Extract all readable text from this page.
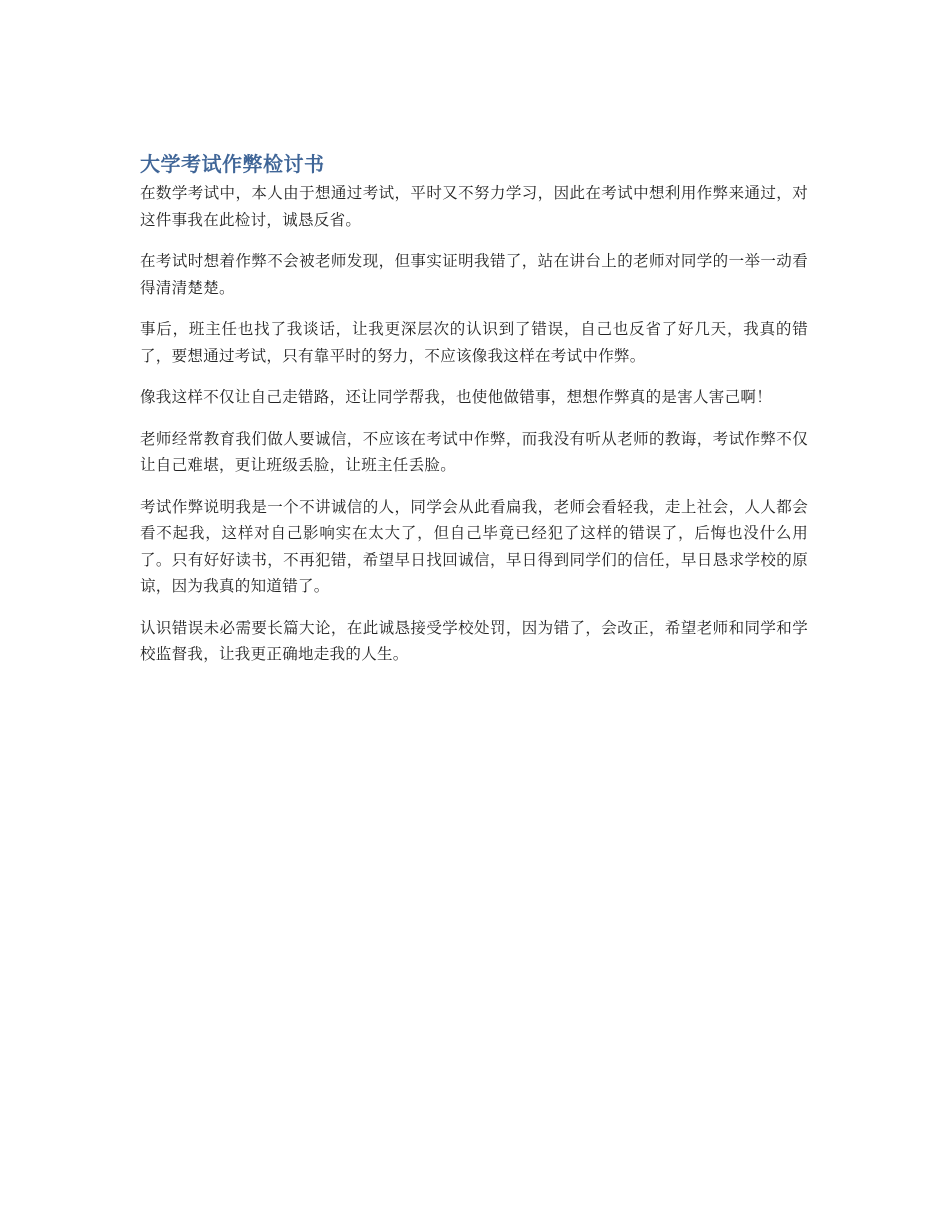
大学考试作弊检讨书

在数学考试中，本人由于想通过考试，平时又不努力学习，因此在考试中想利用作弊来通过，对这件事我在此检讨，诚恳反省。

在考试时想着作弊不会被老师发现，但事实证明我错了，站在讲台上的老师对同学的一举一动看得清清楚楚。

事后，班主任也找了我谈话，让我更深层次的认识到了错误，自己也反省了好几天，我真的错了，要想通过考试，只有靠平时的努力，不应该像我这样在考试中作弊。

像我这样不仅让自己走错路，还让同学帮我，也使他做错事，想想作弊真的是害人害己啊！

老师经常教育我们做人要诚信，不应该在考试中作弊，而我没有听从老师的教诲，考试作弊不仅让自己难堪，更让班级丢脸，让班主任丢脸。

考试作弊说明我是一个不讲诚信的人，同学会从此看扁我，老师会看轻我，走上社会，人人都会看不起我，这样对自己影响实在太大了，但自己毕竟已经犯了这样的错误了，后悔也没什么用了。只有好好读书，不再犯错，希望早日找回诚信，早日得到同学们的信任，早日恳求学校的原谅，因为我真的知道错了。

认识错误未必需要长篇大论，在此诚恳接受学校处罚，因为错了，会改正，希望老师和同学和学校监督我，让我更正确地走我的人生。
